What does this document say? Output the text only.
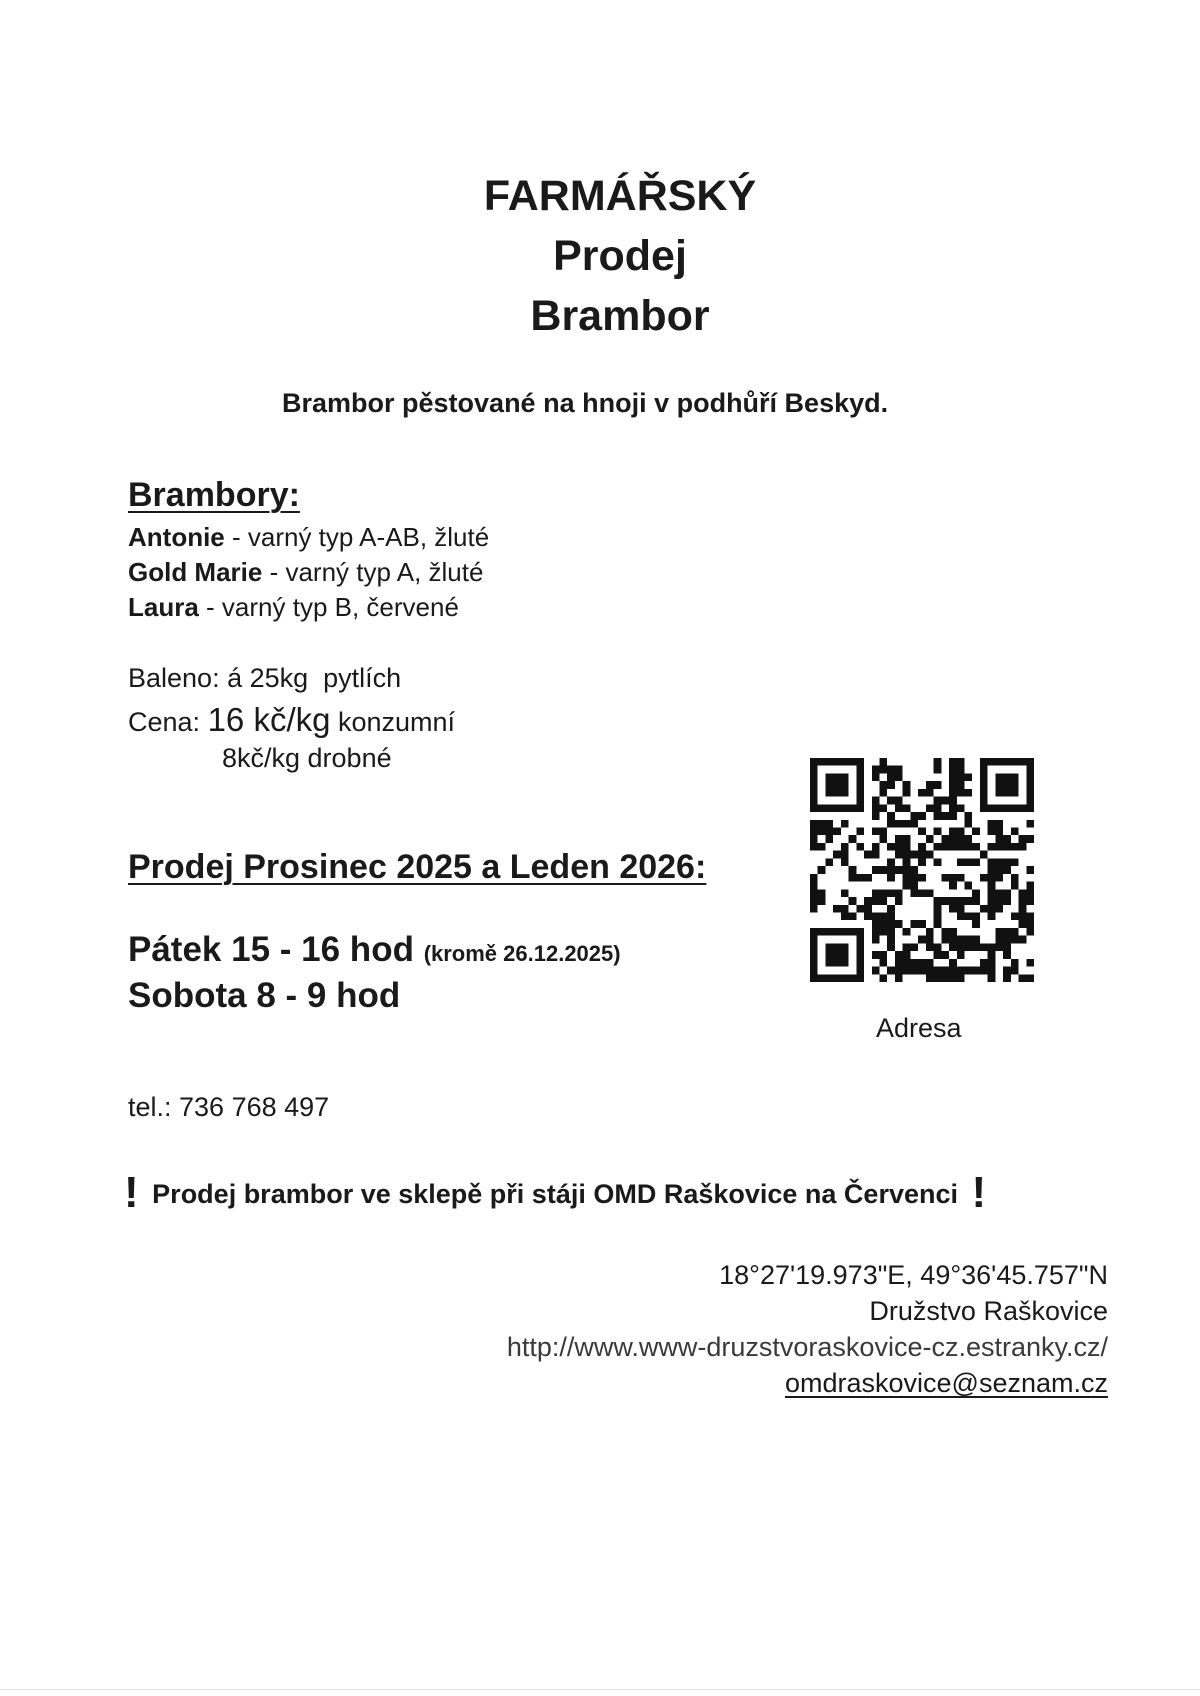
FARMÁŘSKÝ
Prodej
Brambor
Brambor pěstované na hnoji v podhůří Beskyd.
Brambory:
Antonie - varný typ A-AB, žluté
Gold Marie - varný typ A, žluté
Laura - varný typ B, červené
Baleno: á 25kg  pytlích
Cena: 16 kč/kg konzumní
8kč/kg drobné
Adresa
Prodej Prosinec 2025 a Leden 2026:
Pátek 15 - 16 hod (kromě 26.12.2025)
Sobota 8 - 9 hod
tel.: 736 768 497
! Prodej brambor ve sklepě při stáji OMD Raškovice na Červenci !
18°27'19.973"E, 49°36'45.757"N
Družstvo Raškovice
http://www.www-druzstvoraskovice-cz.estranky.cz/
omdraskovice@seznam.cz
